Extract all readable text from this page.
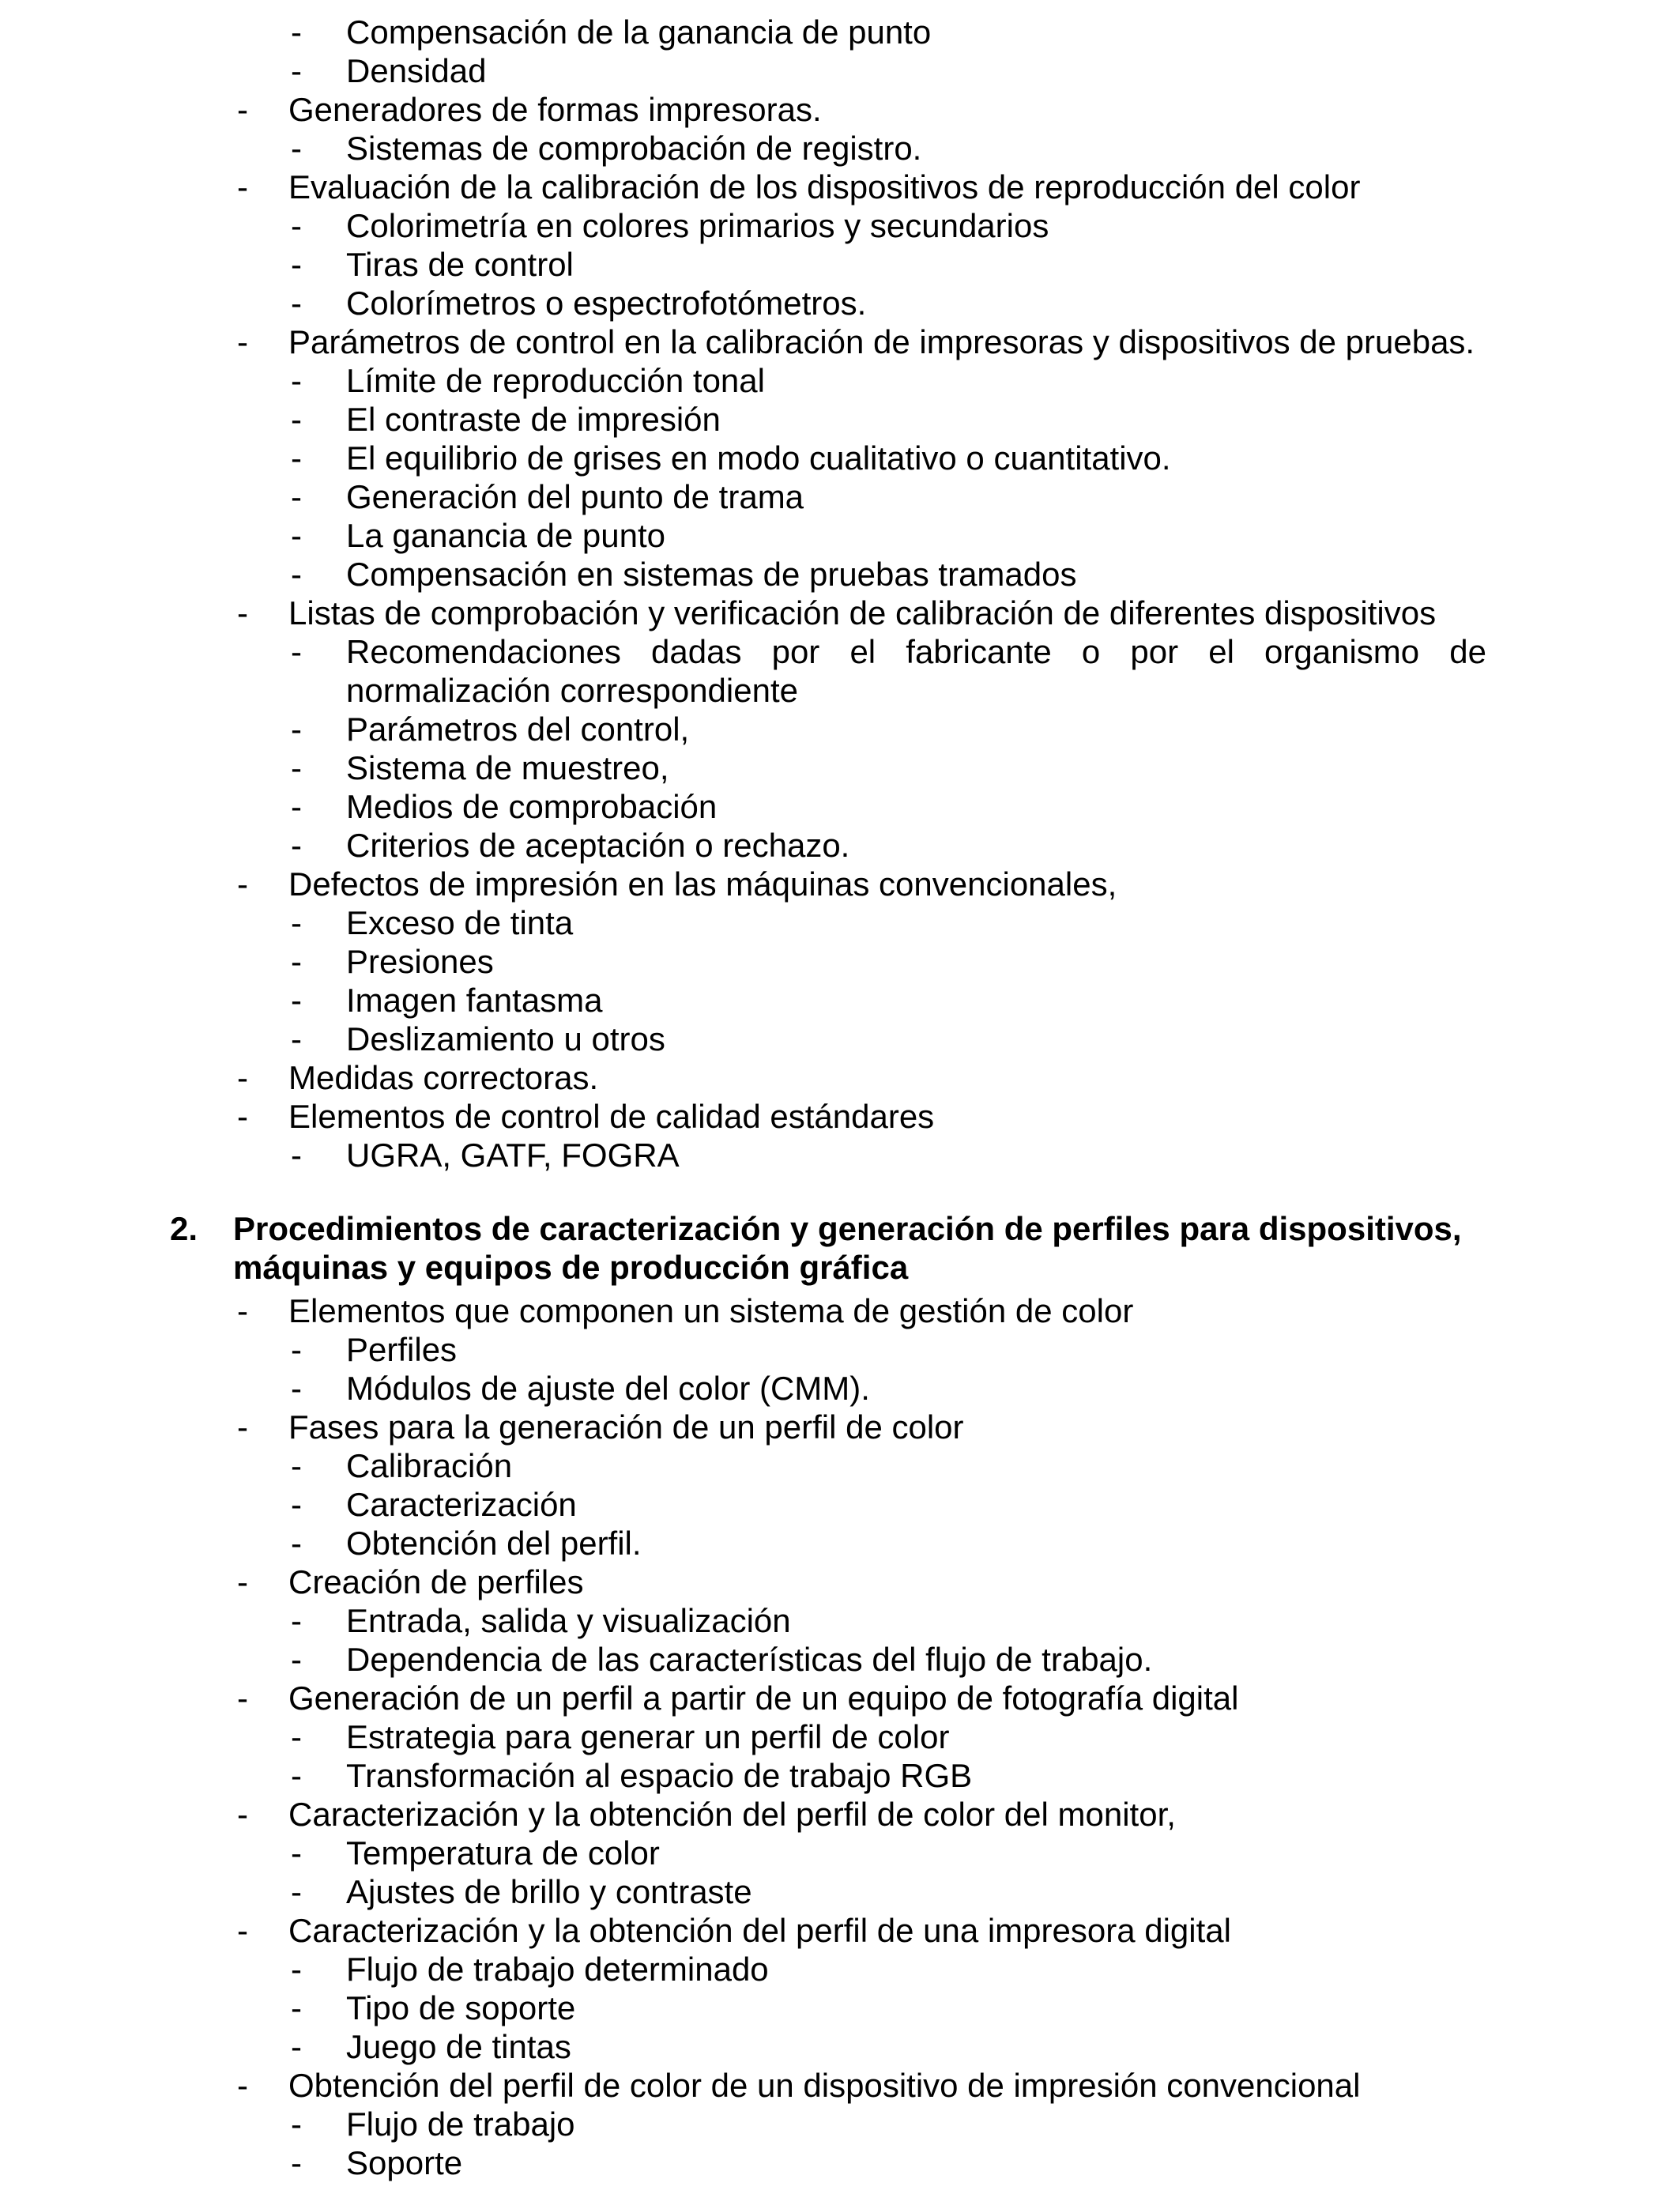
-	Compensación de la ganancia de punto
-	Densidad
-	Generadores de formas impresoras.
-	Sistemas de comprobación de registro.
-	Evaluación de la calibración de los dispositivos de reproducción del color
-	Colorimetría en colores primarios y secundarios
-	Tiras de control
-	Colorímetros o espectrofotómetros.
-	Parámetros de control en la calibración de impresoras y dispositivos de pruebas.
-	Límite de reproducción tonal
-	El contraste de impresión
-	El equilibrio de grises en modo cualitativo o cuantitativo.
-	Generación del punto de trama
-	La ganancia de punto
-	Compensación en sistemas de pruebas tramados
-	Listas de comprobación y verificación de calibración de diferentes dispositivos
-	Recomendaciones dadas por el fabricante o por el organismo de normalización correspondiente
-	Parámetros del control,
-	Sistema de muestreo,
-	Medios de comprobación
-	Criterios de aceptación o rechazo.
-	Defectos de impresión en las máquinas convencionales,
-	Exceso de tinta
-	Presiones
-	Imagen fantasma
-	Deslizamiento u otros
-	Medidas correctoras.
-	Elementos de control de calidad estándares
-	UGRA, GATF, FOGRA
2.	Procedimientos de caracterización y generación de perfiles para dispositivos, máquinas y equipos de producción gráfica
-	Elementos que componen un sistema de gestión de color
-	Perfiles
-	Módulos de ajuste del color (CMM).
-	Fases para la generación de un perfil de color
-	Calibración
-	Caracterización
-	Obtención del perfil.
-	Creación de perfiles
-	Entrada, salida y visualización
-	Dependencia de las características del flujo de trabajo.
-	Generación de un perfil a partir de un equipo de fotografía digital
-	Estrategia para generar un perfil de color
-	Transformación al espacio de trabajo RGB
-	Caracterización y la obtención del perfil de color del monitor,
-	Temperatura de color
-	Ajustes de brillo y contraste
-	Caracterización y la obtención del perfil de una impresora digital
-	Flujo de trabajo determinado
-	Tipo de soporte
-	Juego de tintas
-	Obtención del perfil de color de un dispositivo de impresión convencional
-	Flujo de trabajo
-	Soporte
